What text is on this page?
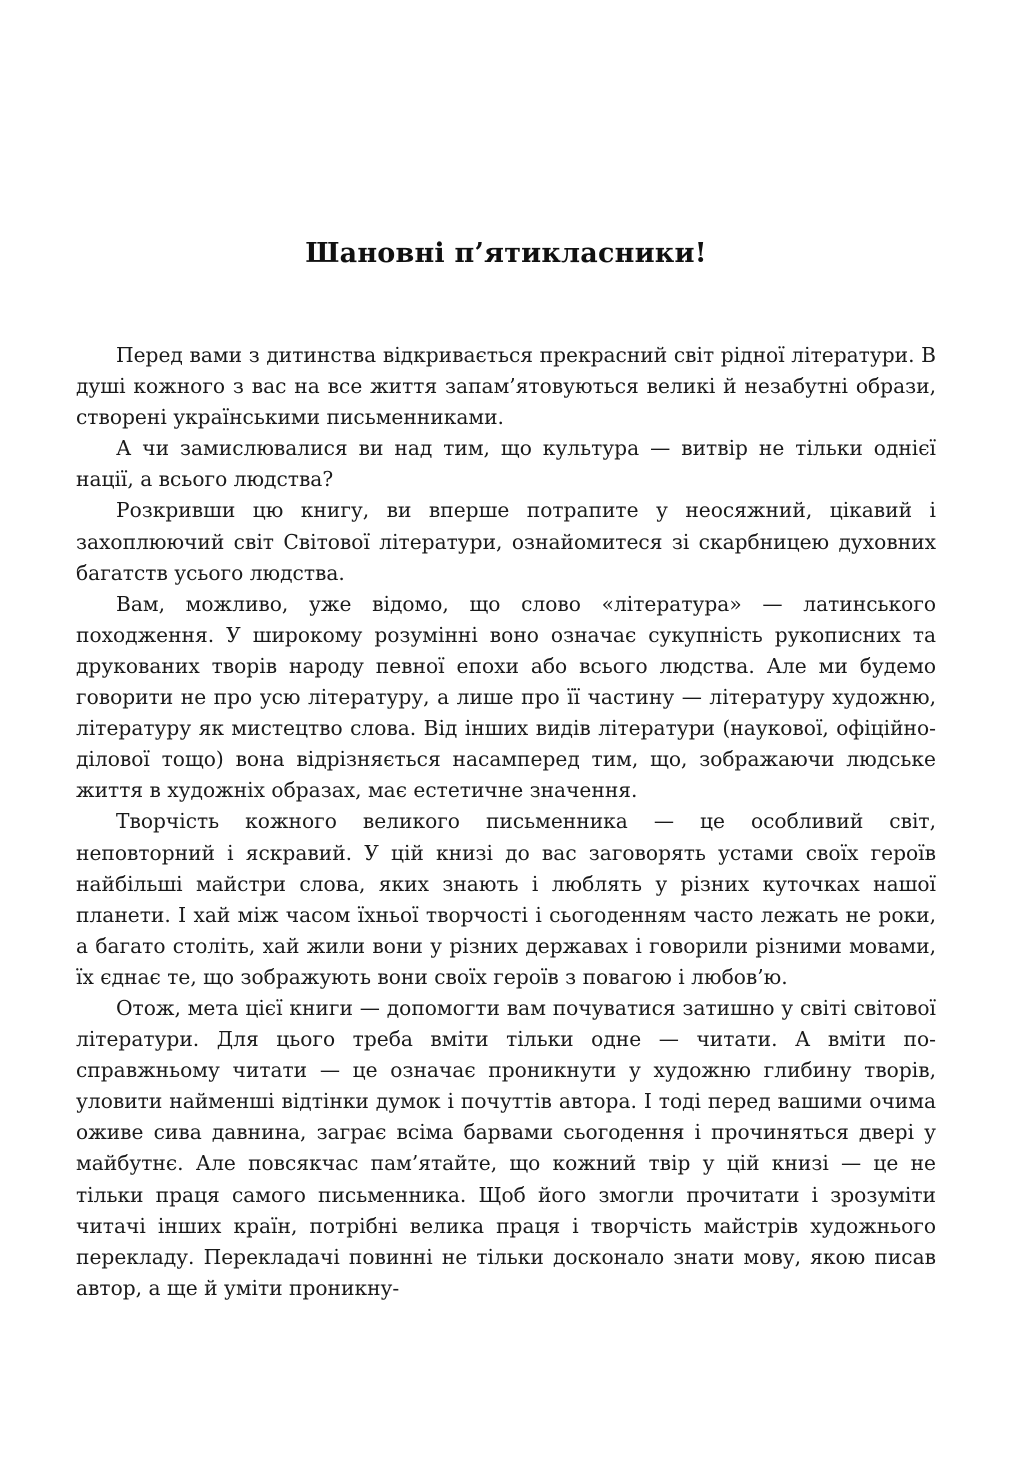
Шановні п’ятикласники!

Перед вами з дитинства відкривається прекрасний світ рідної літератури. В душі кожного з вас на все життя запам’ятовуються великі й незабутні образи, створені українськими письменниками.

А чи замислювалися ви над тим, що культура — витвір не тільки однієї нації, а всього людства?

Розкривши цю книгу, ви вперше потрапите у неосяжний, цікавий і захоплюючий світ Світової літератури, ознайомитеся зі скарбницею духовних багатств усього людства.

Вам, можливо, уже відомо, що слово «література» — латинського походження. У широкому розумінні воно означає сукупність рукописних та друкованих творів народу певної епохи або всього людства. Але ми будемо говорити не про усю літературу, а лише про її частину — літературу художню, літературу як мистецтво слова. Від інших видів літератури (наукової, офіційно-ділової тощо) вона відрізняється насамперед тим, що, зображаючи людське життя в художніх образах, має естетичне значення.

Творчість кожного великого письменника — це особливий світ, неповторний і яскравий. У цій книзі до вас заговорять устами своїх героїв найбільші майстри слова, яких знають і люблять у різних куточках нашої планети. І хай між часом їхньої творчості і сьогоденням часто лежать не роки, а багато століть, хай жили вони у різних державах і говорили різними мовами, їх єднає те, що зображують вони своїх героїв з повагою і любов’ю.

Отож, мета цієї книги — допомогти вам почуватися затишно у світі світової літератури. Для цього треба вміти тільки одне — читати. А вміти по-справжньому читати — це означає проникнути у художню глибину творів, уловити найменші відтінки думок і почуттів автора. І тоді перед вашими очима оживе сива давнина, заграє всіма барвами сьогодення і прочиняться двері у майбутнє. Але повсякчас пам’ятайте, що кожний твір у цій книзі — це не тільки праця самого письменника. Щоб його змогли прочитати і зрозуміти читачі інших країн, потрібні велика праця і творчість майстрів художнього перекладу. Перекладачі повинні не тільки досконало знати мову, якою писав автор, а ще й уміти проникну-
